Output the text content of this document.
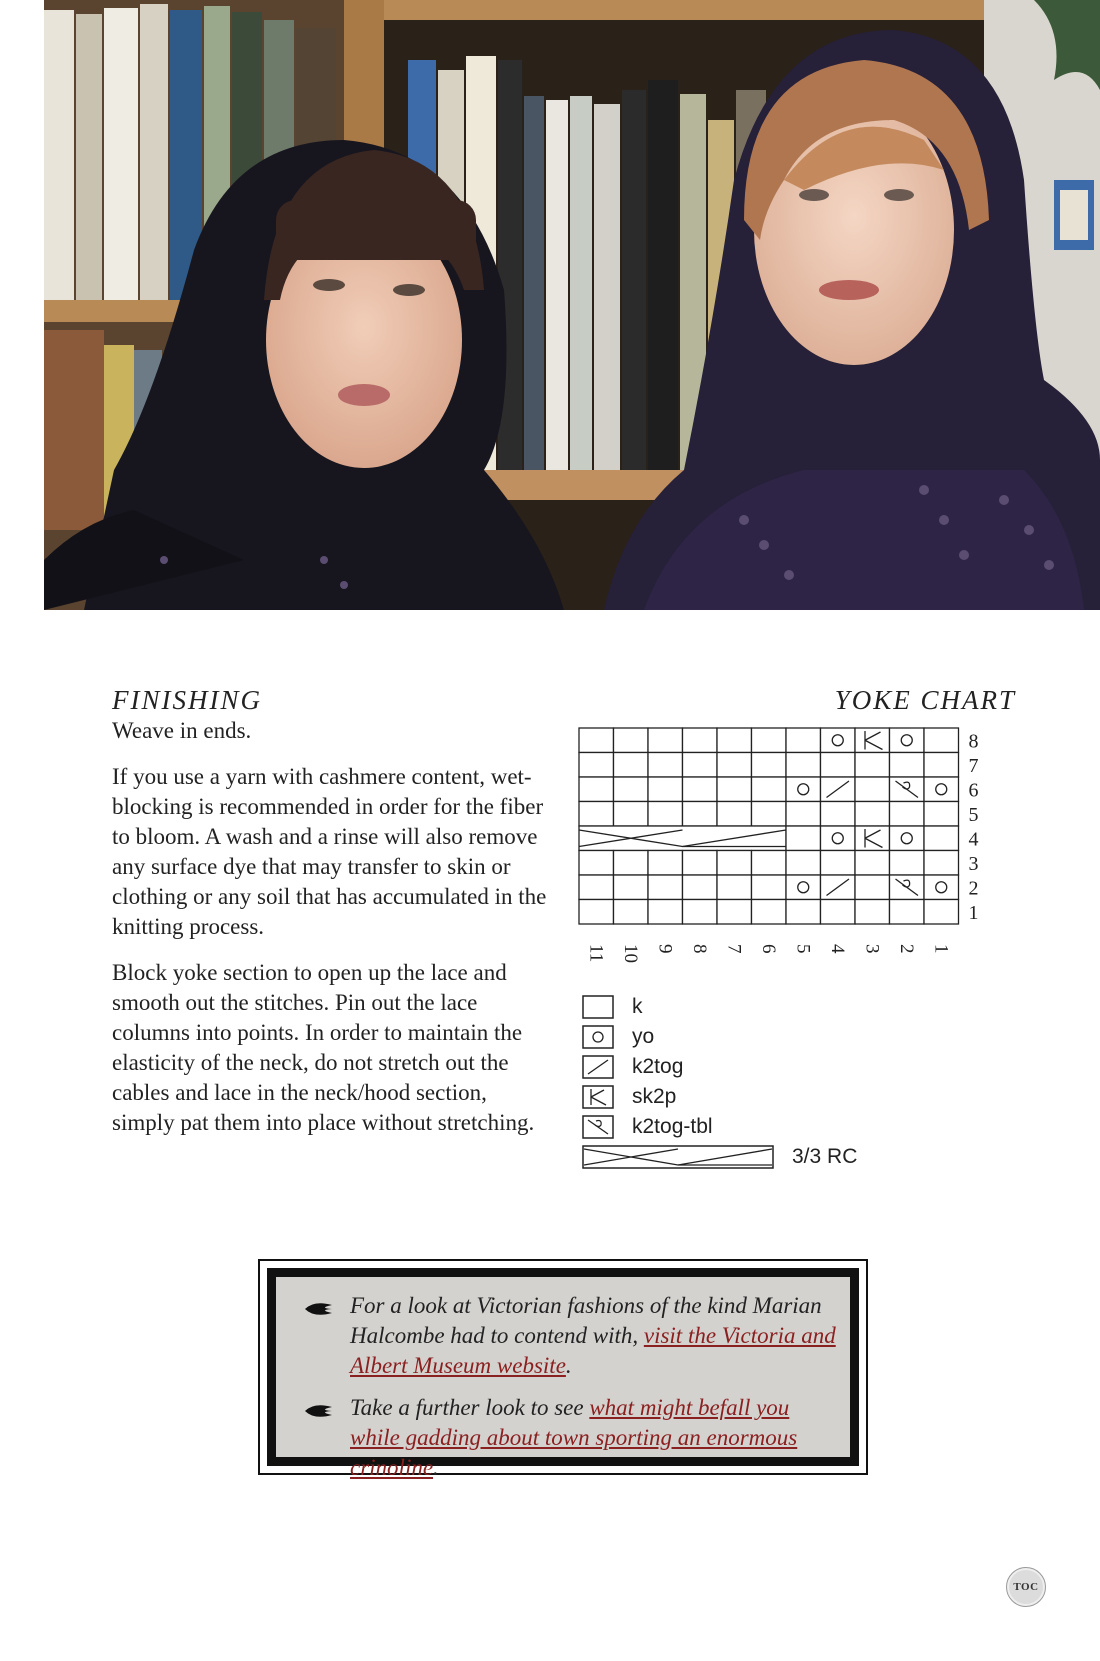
FINISHING

Weave in ends.

If you use a yarn with cashmere content, wet-blocking is recommended in order for the fiber to bloom. A wash and a rinse will also remove any surface dye that may transfer to skin or clothing or any soil that has accumulated in the knitting process.

Block yoke section to open up the lace and smooth out the stitches. Pin out the lace columns into points. In order to maintain the elasticity of the neck, do not stretch out the cables and lace in the neck/hood section, simply pat them into place without stretching.

YOKE CHART
8
7
6
5
4
3
2
1
11 10 9 8 7 6 5 4 3 2 1
k
yo
k2tog
sk2p
k2tog-tbl
3/3 RC
For a look at Victorian fashions of the kind Marian Halcombe had to contend with, visit the Victoria and Albert Museum website.
Take a further look to see what might befall you while gadding about town sporting an enormous crinoline.
TOC
